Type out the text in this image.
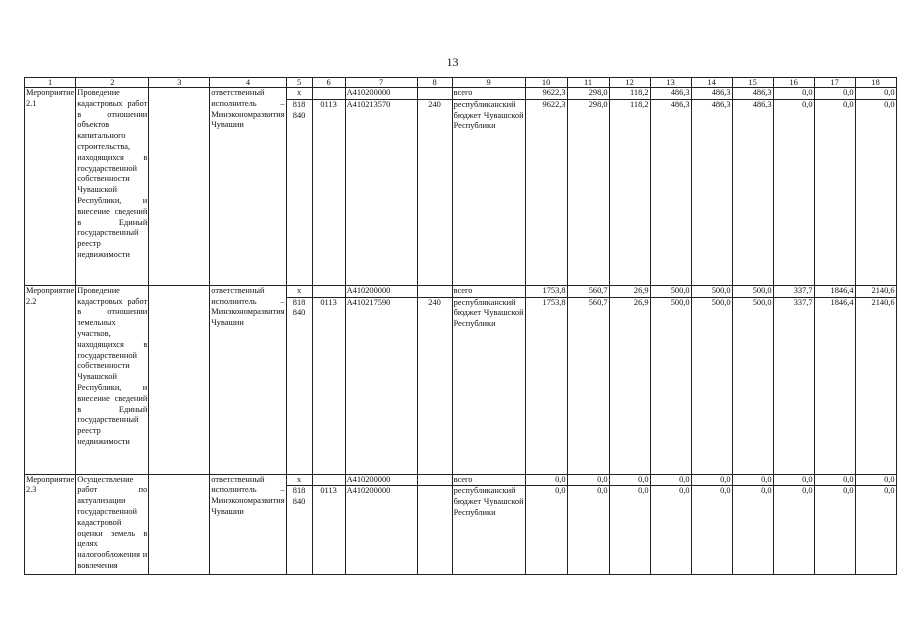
13
1	2	3	4	5	6	7	8	9	10	11	12	13	14	15	16	17	18
Мероприятие 2.1	Проведение кадастровых работ в отношении объектов капитального строительства, находящихся в государственной собственности Чувашской Республики, и внесение сведений в Единый государственный реестр недвижимости		ответственный исполнитель – Минэкономразвития Чувашии	x		А410200000		всего	9622,3	298,0	118,2	486,3	486,3	486,3	0,0	0,0	0,0
				818 840	0113	А410213570	240	республиканский бюджет Чувашской Республики	9622,3	298,0	118,2	486,3	486,3	486,3	0,0	0,0	0,0
Мероприятие 2.2	Проведение кадастровых работ в отношении земельных участков, находящихся в государственной собственности Чувашской Республики, и внесение сведений в Единый государственный реестр недвижимости		ответственный исполнитель – Минэкономразвития Чувашии	x		А410200000		всего	1753,8	560,7	26,9	500,0	500,0	500,0	337,7	1846,4	2140,6
				818 840	0113	А410217590	240	республиканский бюджет Чувашской Республики	1753,8	560,7	26,9	500,0	500,0	500,0	337,7	1846,4	2140,6
Мероприятие 2.3	Осуществление работ по актуализации государственной кадастровой оценки земель в целях налогообложения и вовлечения		ответственный исполнитель – Минэкономразвития Чувашии	x		А410200000		всего	0,0	0,0	0,0	0,0	0,0	0,0	0,0	0,0	0,0
				818 840	0113	А410200000		республиканский бюджет Чувашской Республики	0,0	0,0	0,0	0,0	0,0	0,0	0,0	0,0	0,0
